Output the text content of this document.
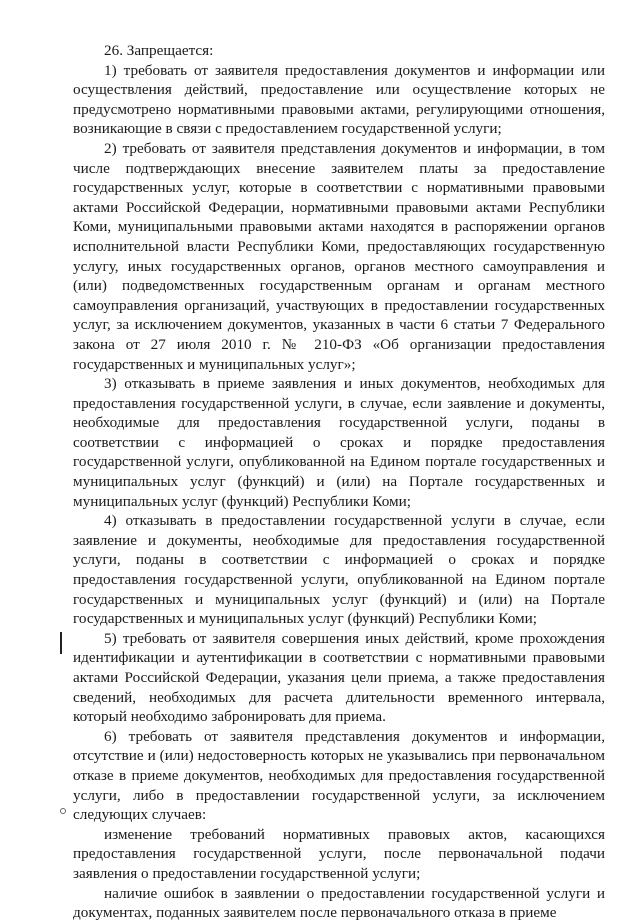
26. Запрещается:

1) требовать от заявителя предоставления документов и информации или осуществления действий, предоставление или осуществление которых не предусмотрено нормативными правовыми актами, регулирующими отношения, возникающие в связи с предоставлением государственной услуги;

2) требовать от заявителя представления документов и информации, в том числе подтверждающих внесение заявителем платы за предоставление государственных услуг, которые в соответствии с нормативными правовыми актами Российской Федерации, нормативными правовыми актами Республики Коми, муниципальными правовыми актами находятся в распоряжении органов исполнительной власти Республики Коми, предоставляющих государственную услугу, иных государственных органов, органов местного самоуправления и (или) подведомственных государственным органам и органам местного самоуправления организаций, участвующих в предоставлении государственных услуг, за исключением документов, указанных в части 6 статьи 7 Федерального закона от 27 июля 2010 г. № 210-ФЗ «Об организации предоставления государственных и муниципальных услуг»;

3) отказывать в приеме заявления и иных документов, необходимых для предоставления государственной услуги, в случае, если заявление и документы, необходимые для предоставления государственной услуги, поданы в соответствии с информацией о сроках и порядке предоставления государственной услуги, опубликованной на Едином портале государственных и муниципальных услуг (функций) и (или) на Портале государственных и муниципальных услуг (функций) Республики Коми;

4) отказывать в предоставлении государственной услуги в случае, если заявление и документы, необходимые для предоставления государственной услуги, поданы в соответствии с информацией о сроках и порядке предоставления государственной услуги, опубликованной на Едином портале государственных и муниципальных услуг (функций) и (или) на Портале государственных и муниципальных услуг (функций) Республики Коми;

5) требовать от заявителя совершения иных действий, кроме прохождения идентификации и аутентификации в соответствии с нормативными правовыми актами Российской Федерации, указания цели приема, а также предоставления сведений, необходимых для расчета длительности временного интервала, который необходимо забронировать для приема.

6) требовать от заявителя представления документов и информации, отсутствие и (или) недостоверность которых не указывались при первоначальном отказе в приеме документов, необходимых для предоставления государственной услуги, либо в предоставлении государственной услуги, за исключением следующих случаев:

изменение требований нормативных правовых актов, касающихся предоставления государственной услуги, после первоначальной подачи заявления о предоставлении государственной услуги;

наличие ошибок в заявлении о предоставлении государственной услуги и документах, поданных заявителем после первоначального отказа в приеме
